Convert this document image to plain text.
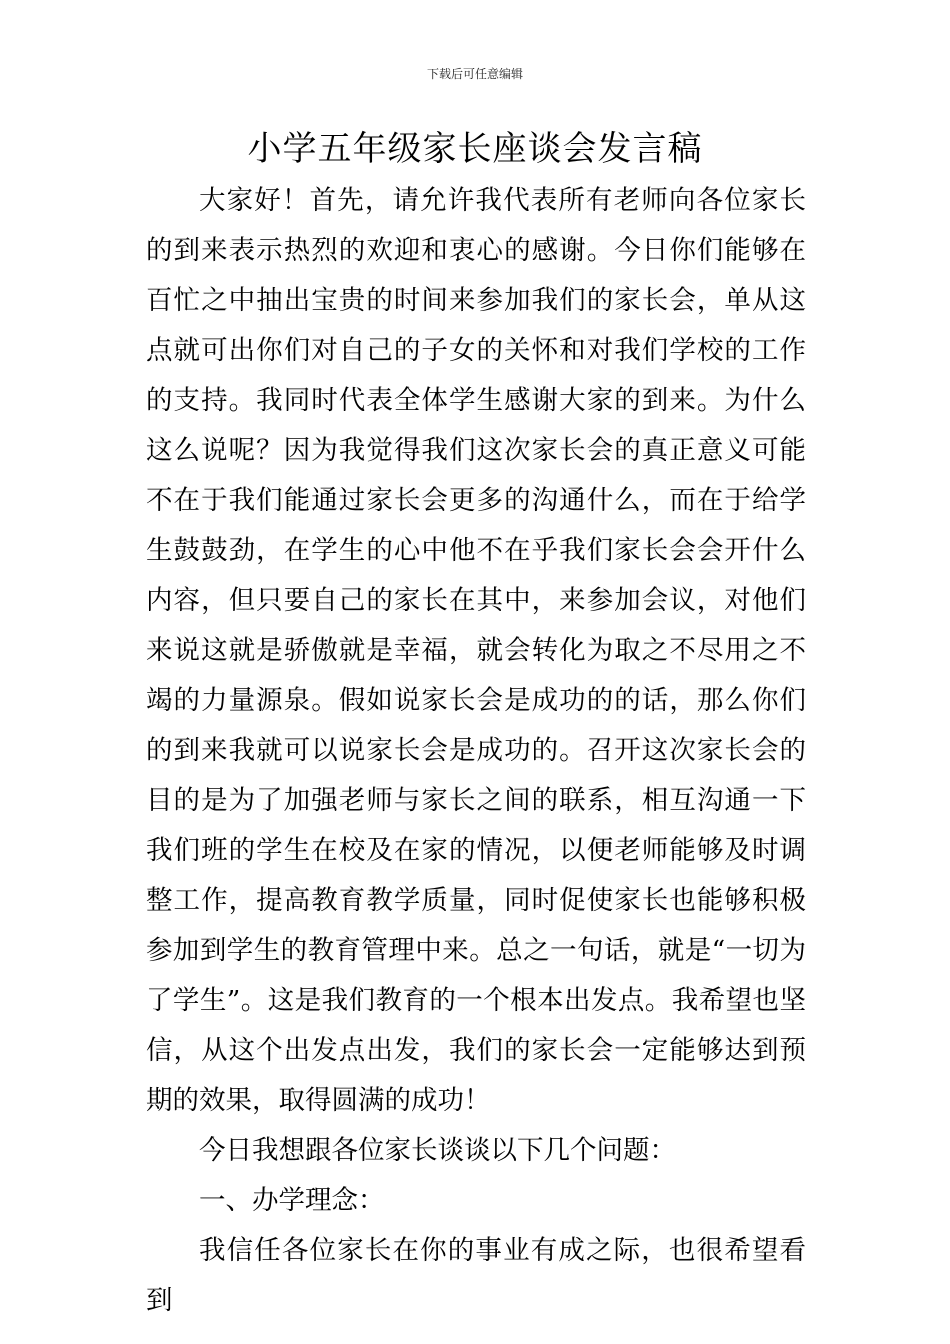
下载后可任意编辑
小学五年级家长座谈会发言稿

大家好！首先，请允许我代表所有老师向各位家长的到来表示热烈的欢迎和衷心的感谢。今日你们能够在百忙之中抽出宝贵的时间来参加我们的家长会，单从这点就可出你们对自己的子女的关怀和对我们学校的工作的支持。我同时代表全体学生感谢大家的到来。为什么这么说呢？因为我觉得我们这次家长会的真正意义可能不在于我们能通过家长会更多的沟通什么，而在于给学生鼓鼓劲，在学生的心中他不在乎我们家长会会开什么内容，但只要自己的家长在其中，来参加会议，对他们来说这就是骄傲就是幸福，就会转化为取之不尽用之不竭的力量源泉。假如说家长会是成功的的话，那么你们的到来我就可以说家长会是成功的。召开这次家长会的目的是为了加强老师与家长之间的联系，相互沟通一下我们班的学生在校及在家的情况，以便老师能够及时调整工作，提高教育教学质量，同时促使家长也能够积极参加到学生的教育管理中来。总之一句话，就是“一切为了学生”。这是我们教育的一个根本出发点。我希望也坚信，从这个出发点出发，我们的家长会一定能够达到预期的效果，取得圆满的成功！

今日我想跟各位家长谈谈以下几个问题：

一、办学理念：

我信任各位家长在你的事业有成之际，也很希望看到
